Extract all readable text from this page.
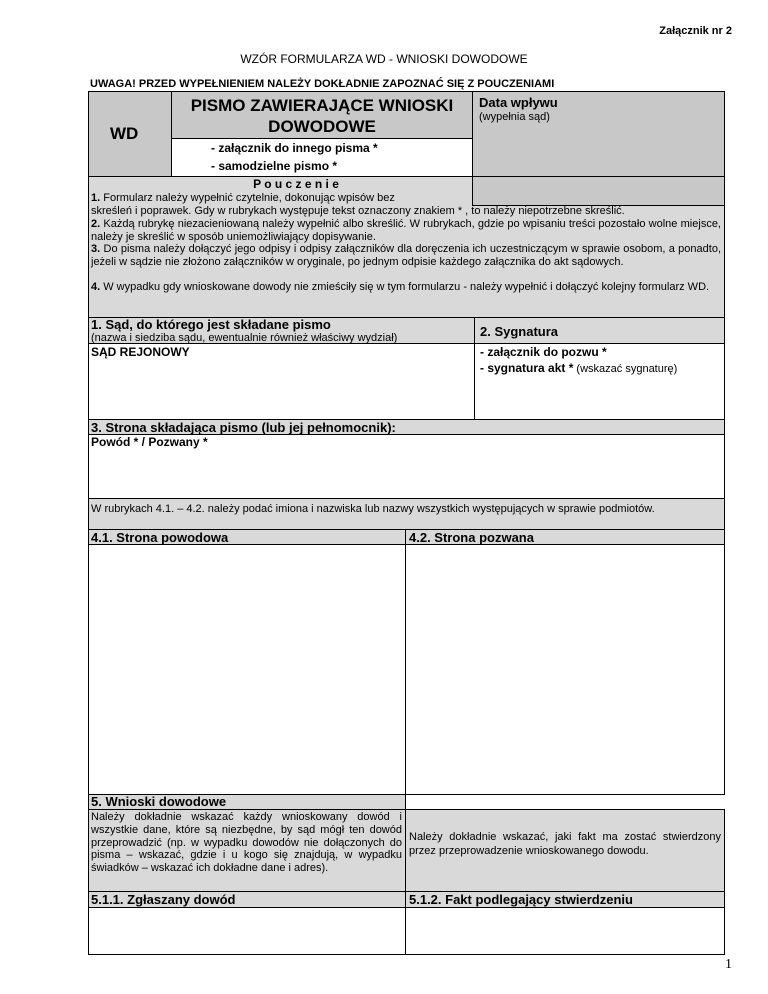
Załącznik nr 2
WZÓR FORMULARZA WD - WNIOSKI DOWODOWE
UWAGA! PRZED WYPEŁNIENIEM NALEŻY DOKŁADNIE ZAPOZNAĆ SIĘ Z POUCZENIAMI
WD
PISMO ZAWIERAJĄCE WNIOSKI
DOWODOWE
- załącznik do innego pisma *
- samodzielne pismo *
Data wpływu
(wypełnia sąd)
P o u c z e n i e
1. Formularz należy wypełnić czytelnie, dokonując wpisów bez
skreśleń i poprawek. Gdy w rubrykach występuje tekst oznaczony znakiem * , to należy niepotrzebne skreślić.
2. Każdą rubrykę niezacieniowaną należy wypełnić albo skreślić. W rubrykach, gdzie po wpisaniu treści pozostało wolne miejsce, należy je skreślić w sposób uniemożliwiający dopisywanie.
3. Do pisma należy dołączyć jego odpisy i odpisy załączników dla doręczenia ich uczestniczącym w sprawie osobom, a ponadto, jeżeli w sądzie nie złożono załączników w oryginale, po jednym odpisie każdego załącznika do akt sądowych.
4. W wypadku gdy wnioskowane dowody nie zmieściły się w tym formularzu - należy wypełnić i dołączyć kolejny formularz WD.
1. Sąd, do którego jest składane pismo
(nazwa i siedziba sądu, ewentualnie również właściwy wydział)
SĄD REJONOWY
2. Sygnatura
- załącznik do pozwu *
- sygnatura akt * (wskazać sygnaturę)
3. Strona składająca pismo (lub jej pełnomocnik):
Powód * / Pozwany *
W rubrykach 4.1. – 4.2. należy podać imiona i nazwiska lub nazwy wszystkich występujących w sprawie podmiotów.
4.1. Strona powodowa	4.2. Strona pozwana
5. Wnioski dowodowe
Należy dokładnie wskazać każdy wnioskowany dowód i wszystkie dane, które są niezbędne, by sąd mógł ten dowód przeprowadzić (np. w wypadku dowodów nie dołączonych do pisma – wskazać, gdzie i u kogo się znajdują, w wypadku świadków – wskazać ich dokładne dane i adres).
Należy dokładnie wskazać, jaki fakt ma zostać stwierdzony przez przeprowadzenie wnioskowanego dowodu.
5.1.1. Zgłaszany dowód	5.1.2. Fakt podlegający stwierdzeniu
1
